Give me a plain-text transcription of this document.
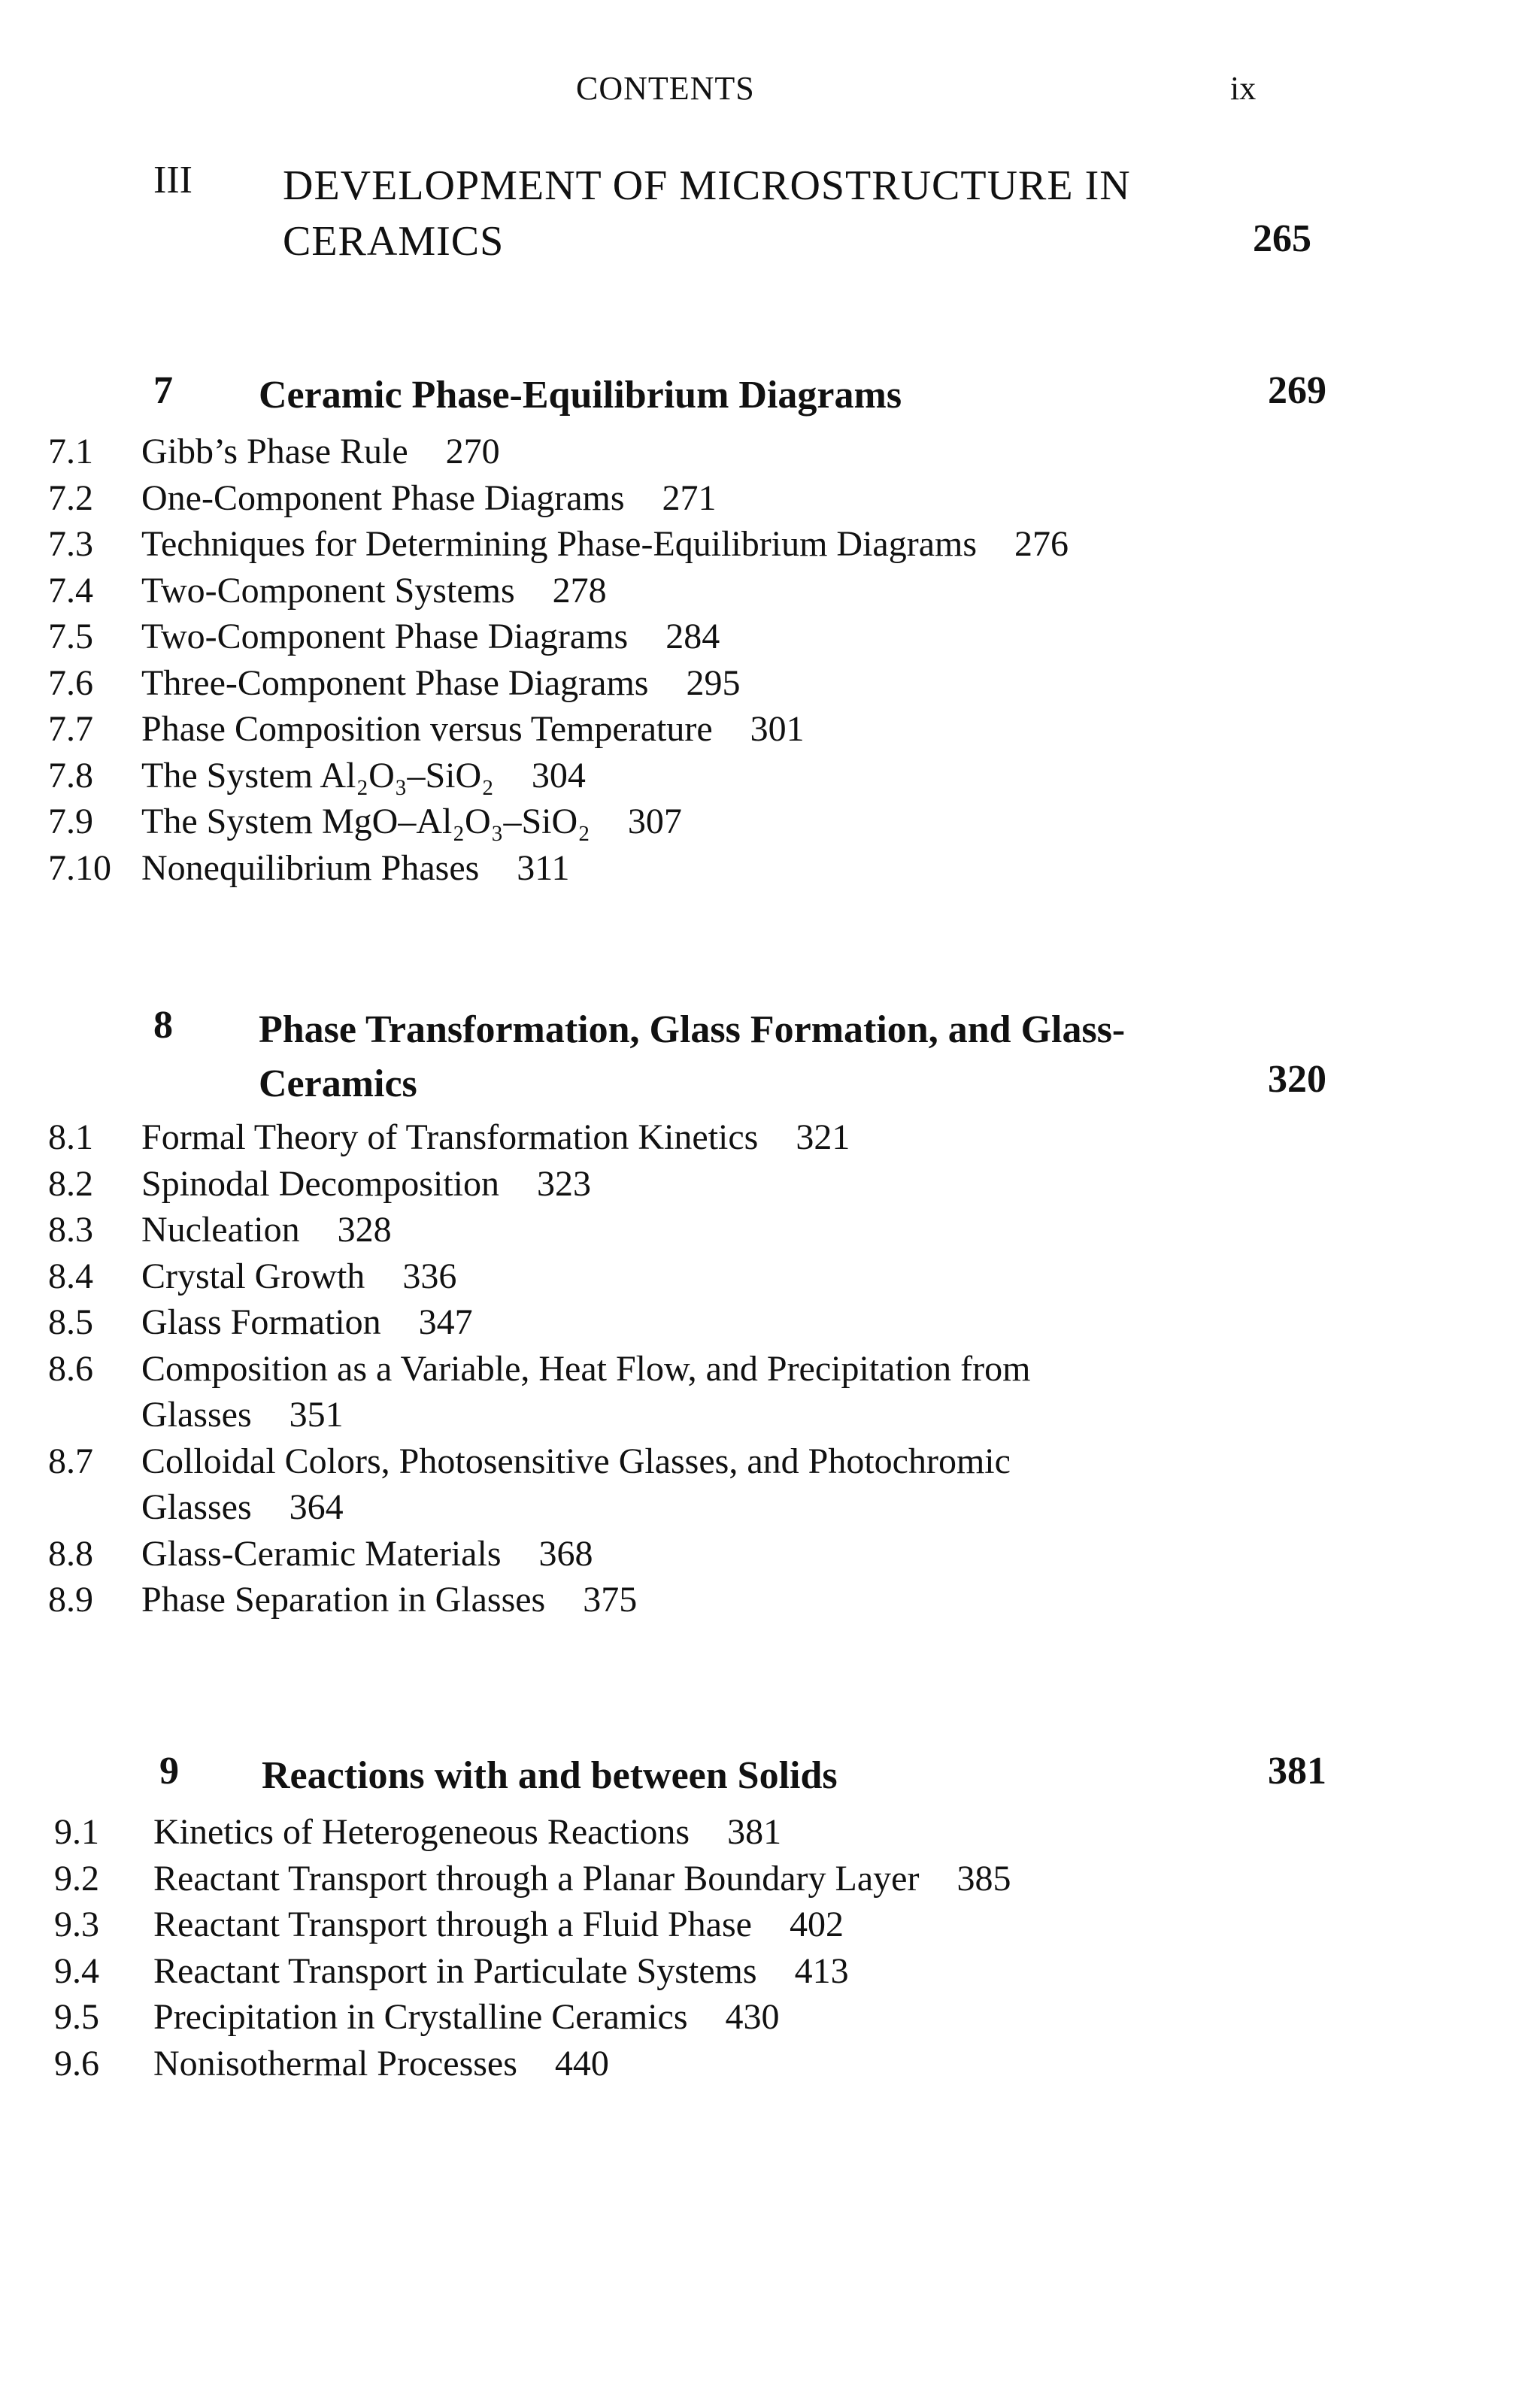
CONTENTS	ix
III DEVELOPMENT OF MICROSTRUCTURE IN CERAMICS	265
7 Ceramic Phase-Equilibrium Diagrams	269
7.1 Gibb’s Phase Rule 270
7.2 One-Component Phase Diagrams 271
7.3 Techniques for Determining Phase-Equilibrium Diagrams 276
7.4 Two-Component Systems 278
7.5 Two-Component Phase Diagrams 284
7.6 Three-Component Phase Diagrams 295
7.7 Phase Composition versus Temperature 301
7.8 The System Al₂O₃–SiO₂ 304
7.9 The System MgO–Al₂O₃–SiO₂ 307
7.10 Nonequilibrium Phases 311
8 Phase Transformation, Glass Formation, and Glass-Ceramics	320
8.1 Formal Theory of Transformation Kinetics 321
8.2 Spinodal Decomposition 323
8.3 Nucleation 328
8.4 Crystal Growth 336
8.5 Glass Formation 347
8.6 Composition as a Variable, Heat Flow, and Precipitation from Glasses 351
8.7 Colloidal Colors, Photosensitive Glasses, and Photochromic Glasses 364
8.8 Glass-Ceramic Materials 368
8.9 Phase Separation in Glasses 375
9 Reactions with and between Solids	381
9.1 Kinetics of Heterogeneous Reactions 381
9.2 Reactant Transport through a Planar Boundary Layer 385
9.3 Reactant Transport through a Fluid Phase 402
9.4 Reactant Transport in Particulate Systems 413
9.5 Precipitation in Crystalline Ceramics 430
9.6 Nonisothermal Processes 440
